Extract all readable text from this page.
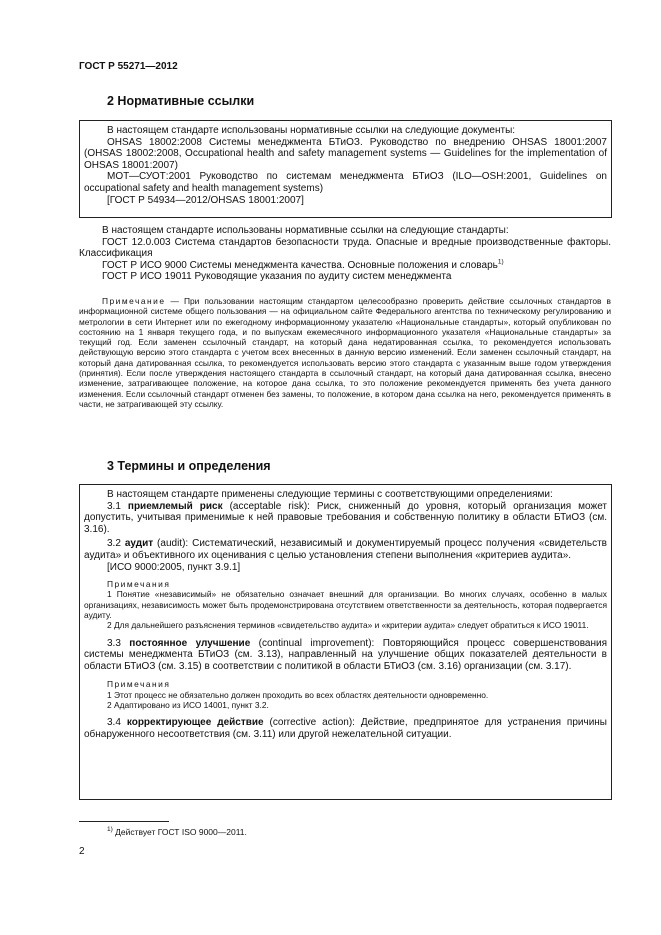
ГОСТ Р 55271—2012
2 Нормативные ссылки

В настоящем стандарте использованы нормативные ссылки на следующие документы:

OHSAS 18002:2008 Системы менеджмента БТиОЗ. Руководство по внедрению OHSAS 18001:2007 (OHSAS 18002:2008, Occupational health and safety management systems — Guidelines for the implementation of OHSAS 18001:2007)

МОТ—СУОТ:2001 Руководство по системам менеджмента БТиОЗ (ILO—OSH:2001, Guidelines on occupational safety and health management systems)

[ГОСТ Р 54934—2012/OHSAS 18001:2007]

В настоящем стандарте использованы нормативные ссылки на следующие стандарты:

ГОСТ 12.0.003 Система стандартов безопасности труда. Опасные и вредные производственные факторы. Классификация

ГОСТ Р ИСО 9000 Системы менеджмента качества. Основные положения и словарь$^{1)}$

ГОСТ Р ИСО 19011 Руководящие указания по аудиту систем менеджмента

Примечание — При пользовании настоящим стандартом целесообразно проверить действие ссылочных стандартов в информационной системе общего пользования — на официальном сайте Федерального агентства по техническому регулированию и метрологии в сети Интернет или по ежегодному информационному указателю «Национальные стандарты», который опубликован по состоянию на 1 января текущего года, и по выпускам ежемесячного информационного указателя «Национальные стандарты» за текущий год. Если заменен ссылочный стандарт, на который дана недатированная ссылка, то рекомендуется использовать действующую версию этого стандарта с учетом всех внесенных в данную версию изменений. Если заменен ссылочный стандарт, на который дана датированная ссылка, то рекомендуется использовать версию этого стандарта с указанным выше годом утверждения (принятия). Если после утверждения настоящего стандарта в ссылочный стандарт, на который дана датированная ссылка, внесено изменение, затрагивающее положение, на которое дана ссылка, то это положение рекомендуется применять без учета данного изменения. Если ссылочный стандарт отменен без замены, то положение, в котором дана ссылка на него, рекомендуется применять в части, не затрагивающей эту ссылку.

3 Термины и определения

В настоящем стандарте применены следующие термины с соответствующими определениями:

3.1 приемлемый риск (acceptable risk): Риск, сниженный до уровня, который организация может допустить, учитывая применимые к ней правовые требования и собственную политику в области БТиОЗ (см. 3.16).

3.2 аудит (audit): Систематический, независимый и документируемый процесс получения «свидетельств аудита» и объективного их оценивания с целью установления степени выполнения «критериев аудита».

[ИСО 9000:2005, пункт 3.9.1]

Примечания

1 Понятие «независимый» не обязательно означает внешний для организации. Во многих случаях, особенно в малых организациях, независимость может быть продемонстрирована отсутствием ответственности за деятельность, которая подвергается аудиту.

2 Для дальнейшего разъяснения терминов «свидетельство аудита» и «критерии аудита» следует обратиться к ИСО 19011.

3.3 постоянное улучшение (continual improvement): Повторяющийся процесс совершенствования системы менеджмента БТиОЗ (см. 3.13), направленный на улучшение общих показателей деятельности в области БТиОЗ (см. 3.15) в соответствии с политикой в области БТиОЗ (см. 3.16) организации (см. 3.17).

Примечания

1 Этот процесс не обязательно должен проходить во всех областях деятельности одновременно.

2 Адаптировано из ИСО 14001, пункт 3.2.

3.4 корректирующее действие (corrective action): Действие, предпринятое для устранения причины обнаруженного несоответствия (см. 3.11) или другой нежелательной ситуации.

$^{1)}$ Действует ГОСТ ISO 9000—2011.
2
